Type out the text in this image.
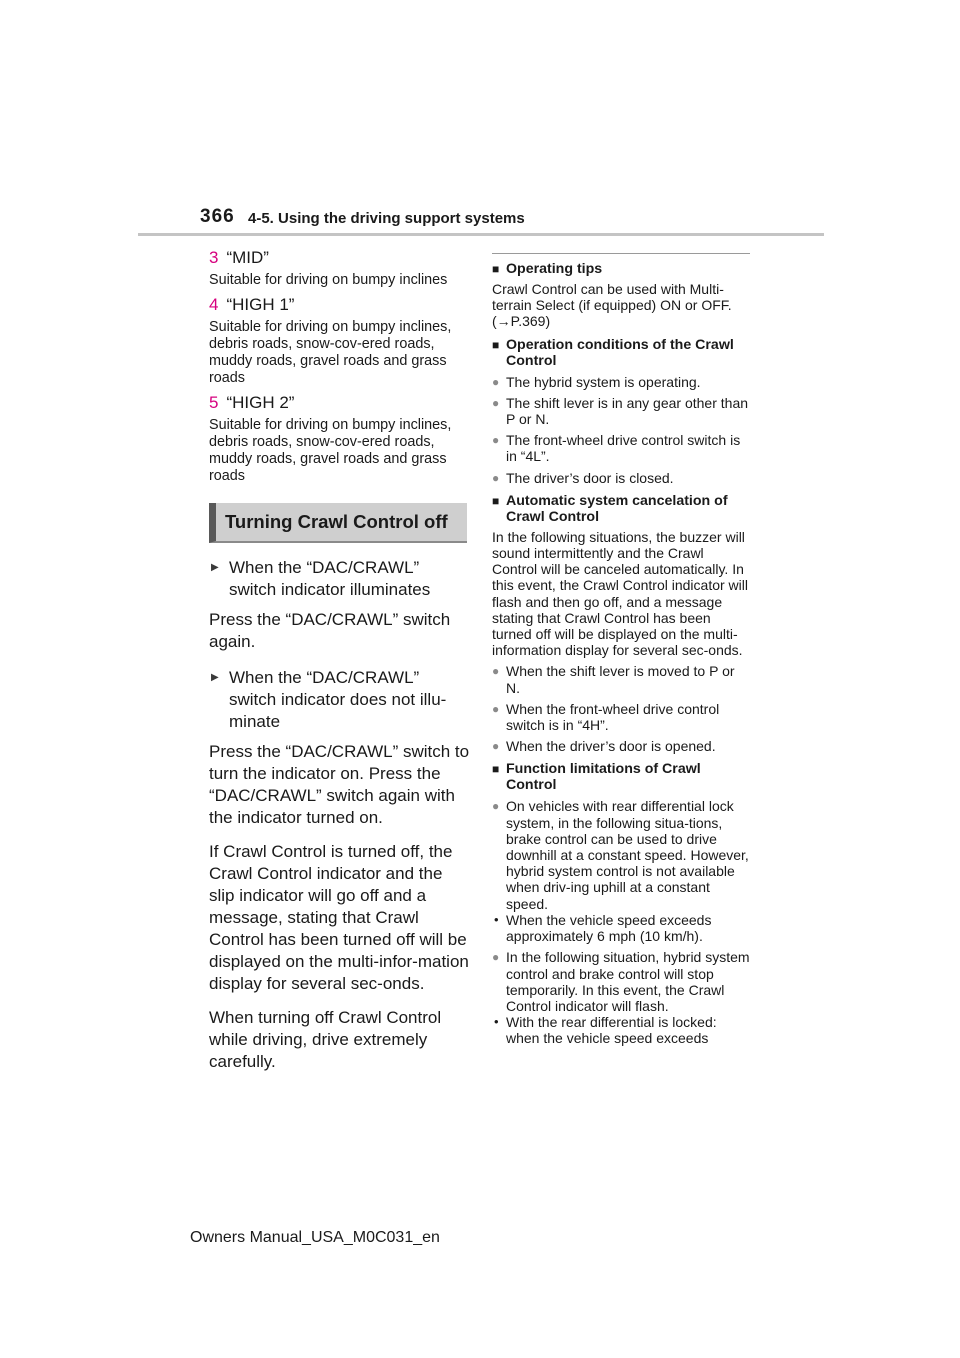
366 4-5. Using the driving support systems
3 “MID”

Suitable for driving on bumpy inclines

4 “HIGH 1”

Suitable for driving on bumpy inclines, debris roads, snow-cov-ered roads, muddy roads, gravel roads and grass roads

5 “HIGH 2”

Suitable for driving on bumpy inclines, debris roads, snow-cov-ered roads, muddy roads, gravel roads and grass roads

Turning Crawl Control off
▶ When the “DAC/CRAWL” switch indicator illuminates
Press the “DAC/CRAWL” switch again.
▶ When the “DAC/CRAWL” switch indicator does not illu-minate
Press the “DAC/CRAWL” switch to turn the indicator on. Press the “DAC/CRAWL” switch again with the indicator turned on.
If Crawl Control is turned off, the Crawl Control indicator and the slip indicator will go off and a message, stating that Crawl Control has been turned off will be displayed on the multi-infor-mation display for several sec-onds.
When turning off Crawl Control while driving, drive extremely carefully.
■ Operating tips
Crawl Control can be used with Multi-terrain Select (if equipped) ON or OFF. (→P.369)
■ Operation conditions of the Crawl Control
● The hybrid system is operating.
● The shift lever is in any gear other than P or N.
● The front-wheel drive control switch is in “4L”.
● The driver’s door is closed.
■ Automatic system cancelation of Crawl Control
In the following situations, the buzzer will sound intermittently and the Crawl Control will be canceled automatically. In this event, the Crawl Control indicator will flash and then go off, and a message stating that Crawl Control has been turned off will be displayed on the multi-information display for several sec-onds.
● When the shift lever is moved to P or N.
● When the front-wheel drive control switch is in “4H”.
● When the driver’s door is opened.
■ Function limitations of Crawl Control
● On vehicles with rear differential lock system, in the following situa-tions, brake control can be used to drive downhill at a constant speed. However, hybrid system control is not available when driv-ing uphill at a constant speed.
• When the vehicle speed exceeds approximately 6 mph (10 km/h).
● In the following situation, hybrid system control and brake control will stop temporarily. In this event, the Crawl Control indicator will flash.
• With the rear differential is locked: when the vehicle speed exceeds
Owners Manual_USA_M0C031_en
